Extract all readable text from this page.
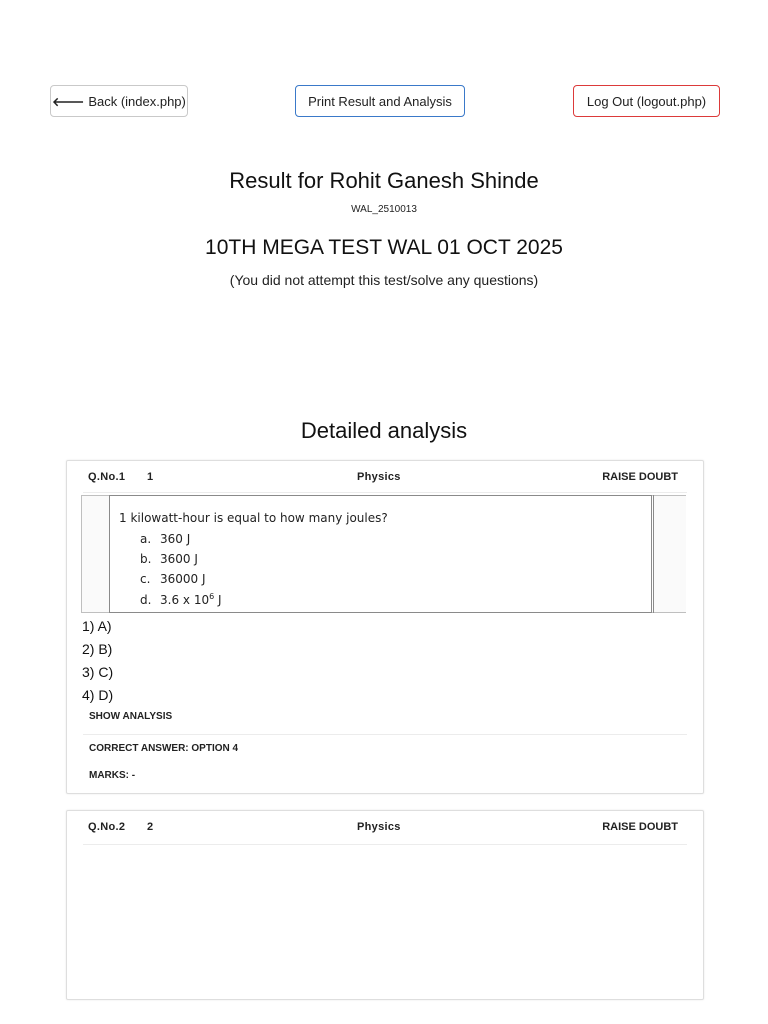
🡐 Back (index.php)	Print Result and Analysis	Log Out (logout.php)
Result for Rohit Ganesh Shinde
WAL_2510013
10TH MEGA TEST WAL 01 OCT 2025
(You did not attempt this test/solve any questions)
Detailed analysis
Q.No.1 1	Physics	RAISE DOUBT
1 kilowatt-hour is equal to how many joules?
a. 360 J
b. 3600 J
c. 36000 J
d. 3.6 x $10^6$ J
1) A)
2) B)
3) C)
4) D)
SHOW ANALYSIS
CORRECT ANSWER: OPTION 4
MARKS: -
Q.No.2 2	Physics	RAISE DOUBT
